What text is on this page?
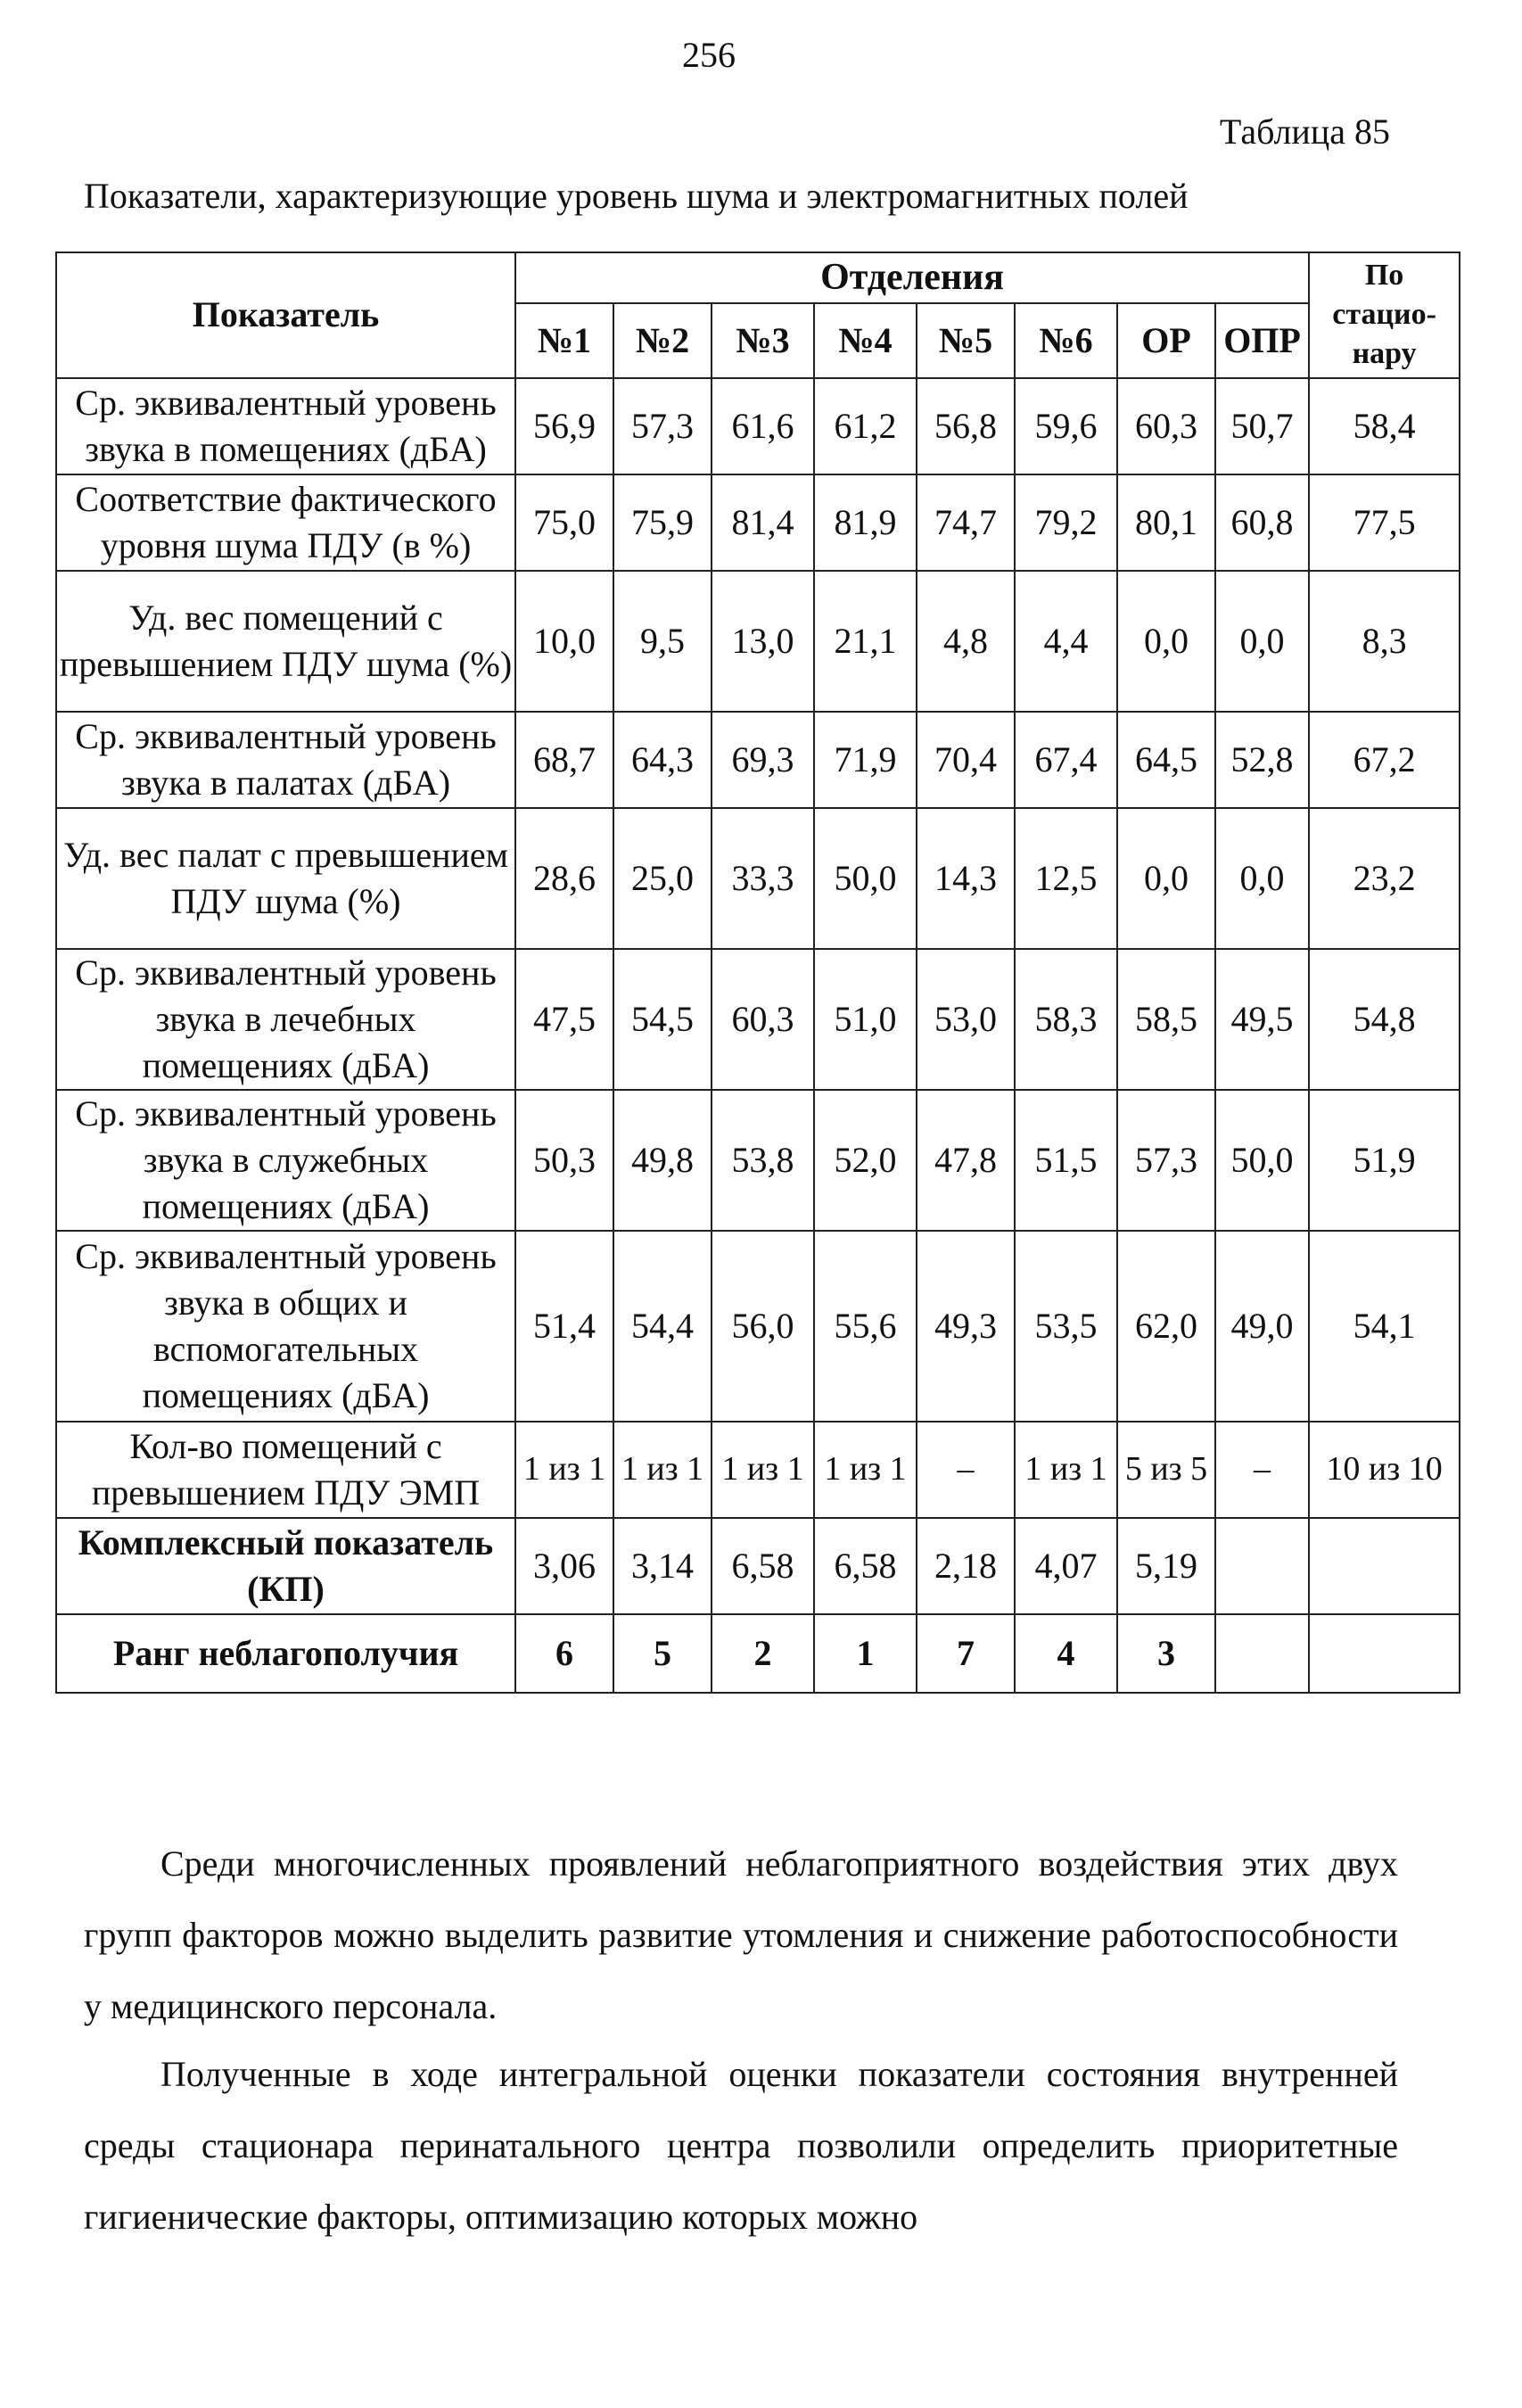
256
Таблица 85
Показатели, характеризующие уровень шума и электромагнитных полей
Показатель	Отделения								По стацио-нару
	№1	№2	№3	№4	№5	№6	ОР	ОПР	
Ср. эквивалентный уровень звука в помещениях (дБА)	56,9	57,3	61,6	61,2	56,8	59,6	60,3	50,7	58,4
Соответствие фактического уровня шума ПДУ (в %)	75,0	75,9	81,4	81,9	74,7	79,2	80,1	60,8	77,5
Уд. вес помещений с превышением ПДУ шума (%)	10,0	9,5	13,0	21,1	4,8	4,4	0,0	0,0	8,3
Ср. эквивалентный уровень звука в палатах (дБА)	68,7	64,3	69,3	71,9	70,4	67,4	64,5	52,8	67,2
Уд. вес палат с превышением ПДУ шума (%)	28,6	25,0	33,3	50,0	14,3	12,5	0,0	0,0	23,2
Ср. эквивалентный уровень звука в лечебных помещениях (дБА)	47,5	54,5	60,3	51,0	53,0	58,3	58,5	49,5	54,8
Ср. эквивалентный уровень звука в служебных помещениях (дБА)	50,3	49,8	53,8	52,0	47,8	51,5	57,3	50,0	51,9
Ср. эквивалентный уровень звука в общих и вспомогательных помещениях (дБА)	51,4	54,4	56,0	55,6	49,3	53,5	62,0	49,0	54,1
Кол-во помещений с превышением ПДУ ЭМП	1 из 1	1 из 1	1 из 1	1 из 1	–	1 из 1	5 из 5	–	10 из 10
Комплексный показатель (КП)	3,06	3,14	6,58	6,58	2,18	4,07	5,19		
Ранг неблагополучия	6	5	2	1	7	4	3		

Среди многочисленных проявлений неблагоприятного воздействия этих двух групп факторов можно выделить развитие утомления и снижение работоспособности у медицинского персонала.

Полученные в ходе интегральной оценки показатели состояния внутренней среды стационара перинатального центра позволили определить приоритетные гигиенические факторы, оптимизацию которых можно
